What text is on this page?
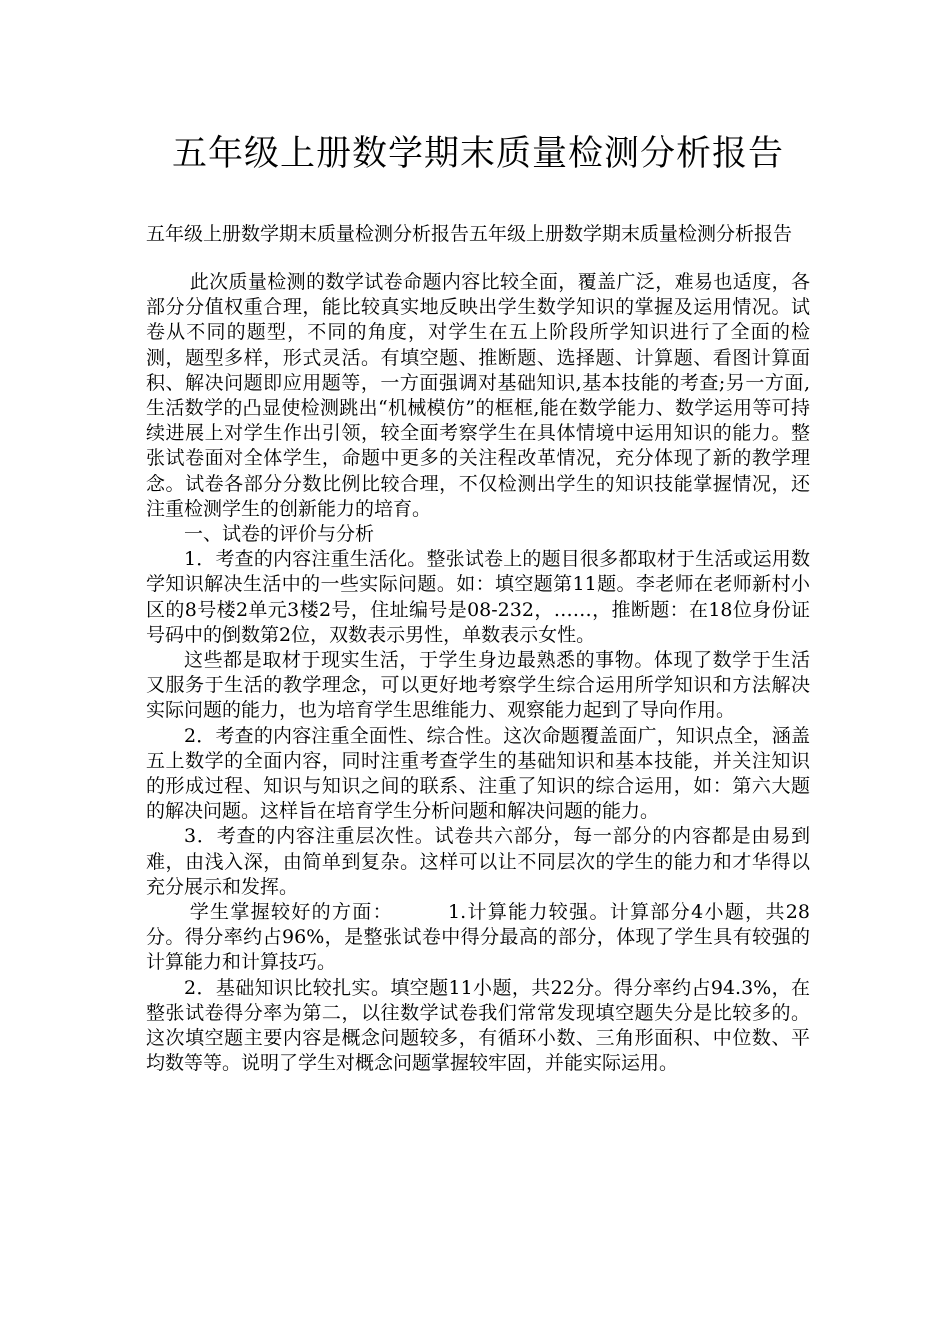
五年级上册数学期末质量检测分析报告

五年级上册数学期末质量检测分析报告五年级上册数学期末质量检测分析报告

此次质量检测的数学试卷命题内容比较全面，覆盖广泛，难易也适度，各部分分值权重合理，能比较真实地反映出学生数学知识的掌握及运用情况。试卷从不同的题型，不同的角度，对学生在五上阶段所学知识进行了全面的检测，题型多样，形式灵活。有填空题、推断题、选择题、计算题、看图计算面积、解决问题即应用题等，一方面强调对基础知识,基本技能的考查;另一方面,生活数学的凸显使检测跳出“机械模仿”的框框,能在数学能力、数学运用等可持续进展上对学生作出引领，较全面考察学生在具体情境中运用知识的能力。整张试卷面对全体学生，命题中更多的关注程改革情况，充分体现了新的教学理念。试卷各部分分数比例比较合理，不仅检测出学生的知识技能掌握情况，还注重检测学生的创新能力的培育。

一、试卷的评价与分析

1．考查的内容注重生活化。整张试卷上的题目很多都取材于生活或运用数学知识解决生活中的一些实际问题。如：填空题第11题。李老师在老师新村小区的8号楼2单元3楼2号，住址编号是08-232，……，推断题：在18位身份证号码中的倒数第2位，双数表示男性，单数表示女性。

这些都是取材于现实生活，于学生身边最熟悉的事物。体现了数学于生活又服务于生活的教学理念，可以更好地考察学生综合运用所学知识和方法解决实际问题的能力，也为培育学生思维能力、观察能力起到了导向作用。

2．考查的内容注重全面性、综合性。这次命题覆盖面广，知识点全，涵盖五上数学的全面内容，同时注重考查学生的基础知识和基本技能，并关注知识的形成过程、知识与知识之间的联系、注重了知识的综合运用，如：第六大题的解决问题。这样旨在培育学生分析问题和解决问题的能力。

3．考查的内容注重层次性。试卷共六部分，每一部分的内容都是由易到难，由浅入深，由简单到复杂。这样可以让不同层次的学生的能力和才华得以充分展示和发挥。

学生掌握较好的方面：	1.计算能力较强。计算部分4小题，共28分。得分率约占96%，是整张试卷中得分最高的部分，体现了学生具有较强的计算能力和计算技巧。

2．基础知识比较扎实。填空题11小题，共22分。得分率约占94.3%，在整张试卷得分率为第二，以往数学试卷我们常常发现填空题失分是比较多的。这次填空题主要内容是概念问题较多，有循环小数、三角形面积、中位数、平均数等等。说明了学生对概念问题掌握较牢固，并能实际运用。
